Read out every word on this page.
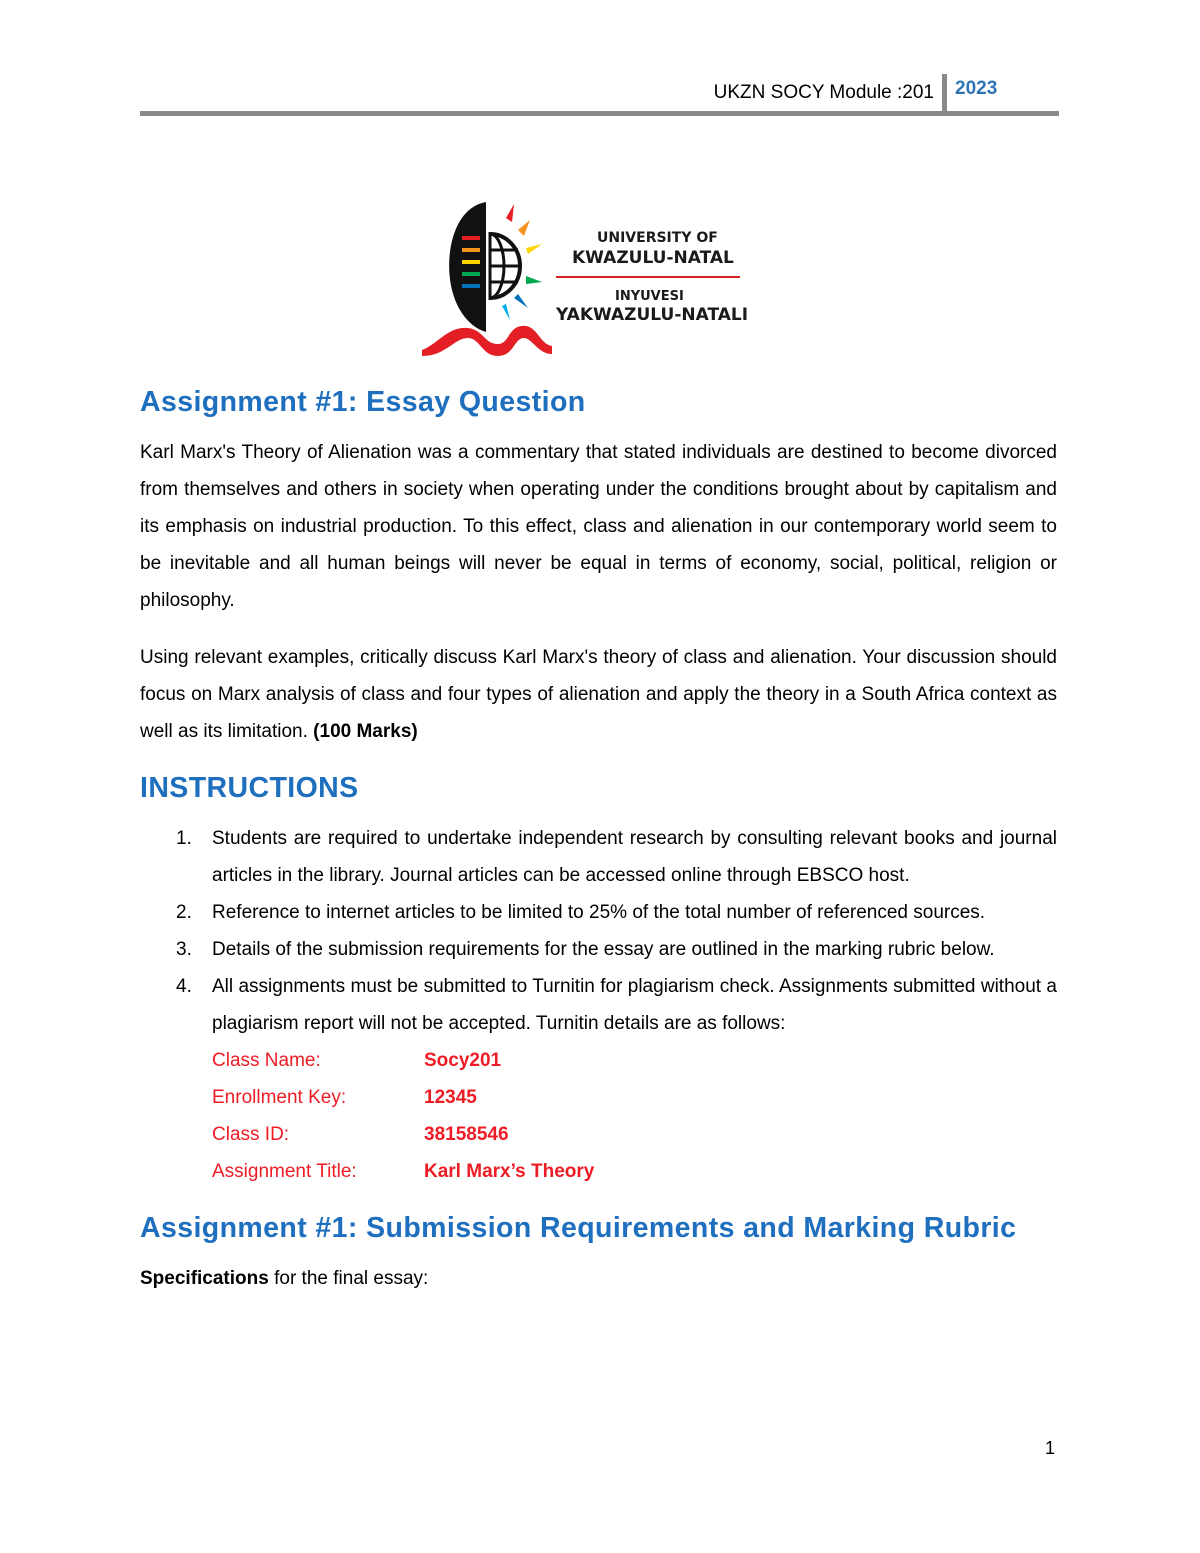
UKZN SOCY Module :201 2023
UNIVERSITY OF
KWAZULU-NATAL
INYUVESI
YAKWAZULU-NATALI
Assignment #1: Essay Question

Karl Marx's Theory of Alienation was a commentary that stated individuals are destined to become divorced from themselves and others in society when operating under the conditions brought about by capitalism and its emphasis on industrial production. To this effect, class and alienation in our contemporary world seem to be inevitable and all human beings will never be equal in terms of economy, social, political, religion or philosophy.

Using relevant examples, critically discuss Karl Marx's theory of class and alienation. Your discussion should focus on Marx analysis of class and four types of alienation and apply the theory in a South Africa context as well as its limitation. (100 Marks)

INSTRUCTIONS
1. Students are required to undertake independent research by consulting relevant books and journal articles in the library. Journal articles can be accessed online through EBSCO host.
2. Reference to internet articles to be limited to 25% of the total number of referenced sources.
3. Details of the submission requirements for the essay are outlined in the marking rubric below.
4. All assignments must be submitted to Turnitin for plagiarism check. Assignments submitted without a plagiarism report will not be accepted. Turnitin details are as follows:
Class Name:	Socy201
Enrollment Key:	12345
Class ID:	38158546
Assignment Title:	Karl Marx’s Theory
Assignment #1: Submission Requirements and Marking Rubric

Specifications for the final essay:

1
